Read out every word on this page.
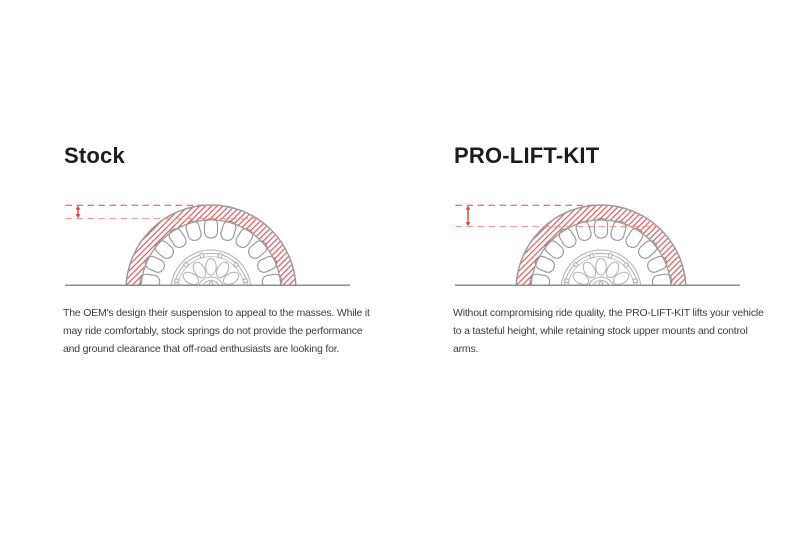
Stock
The OEM's design their suspension to appeal to the masses. While it
may ride comfortably, stock springs do not provide the performance
and ground clearance that off-road enthusiasts are looking for.
PRO-LIFT-KIT
Without compromising ride quality, the PRO-LIFT-KIT lifts your vehicle
to a tasteful height, while retaining stock upper mounts and control
arms.
